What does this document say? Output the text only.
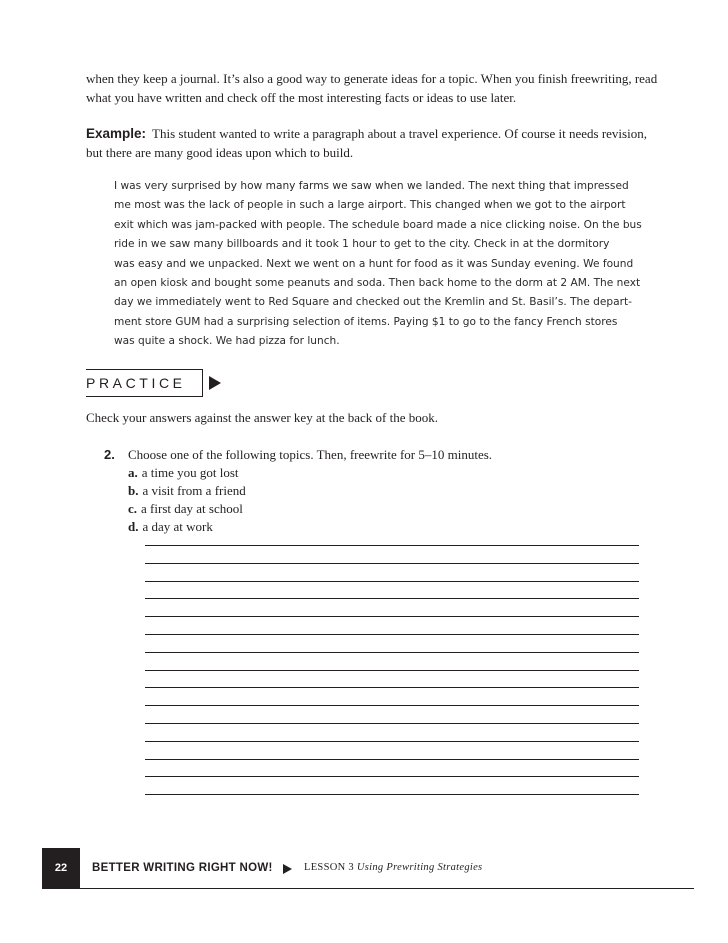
when they keep a journal. It’s also a good way to generate ideas for a topic. When you finish freewriting, read
what you have written and check off the most interesting facts or ideas to use later.
Example: This student wanted to write a paragraph about a travel experience. Of course it needs revision,
but there are many good ideas upon which to build.
I was very surprised by how many farms we saw when we landed. The next thing that impressed
me most was the lack of people in such a large airport. This changed when we got to the airport
exit which was jam-packed with people. The schedule board made a nice clicking noise. On the bus
ride in we saw many billboards and it took 1 hour to get to the city. Check in at the dormitory
was easy and we unpacked. Next we went on a hunt for food as it was Sunday evening. We found
an open kiosk and bought some peanuts and soda. Then back home to the dorm at 2 AM. The next
day we immediately went to Red Square and checked out the Kremlin and St. Basil’s. The depart-
ment store GUM had a surprising selection of items. Paying $1 to go to the fancy French stores
was quite a shock. We had pizza for lunch.
PRACTICE
Check your answers against the answer key at the back of the book.
2. Choose one of the following topics. Then, freewrite for 5–10 minutes.
a. a time you got lost
b. a visit from a friend
c. a first day at school
d. a day at work
22	BETTER WRITING RIGHT NOW!	LESSON 3 Using Prewriting Strategies
